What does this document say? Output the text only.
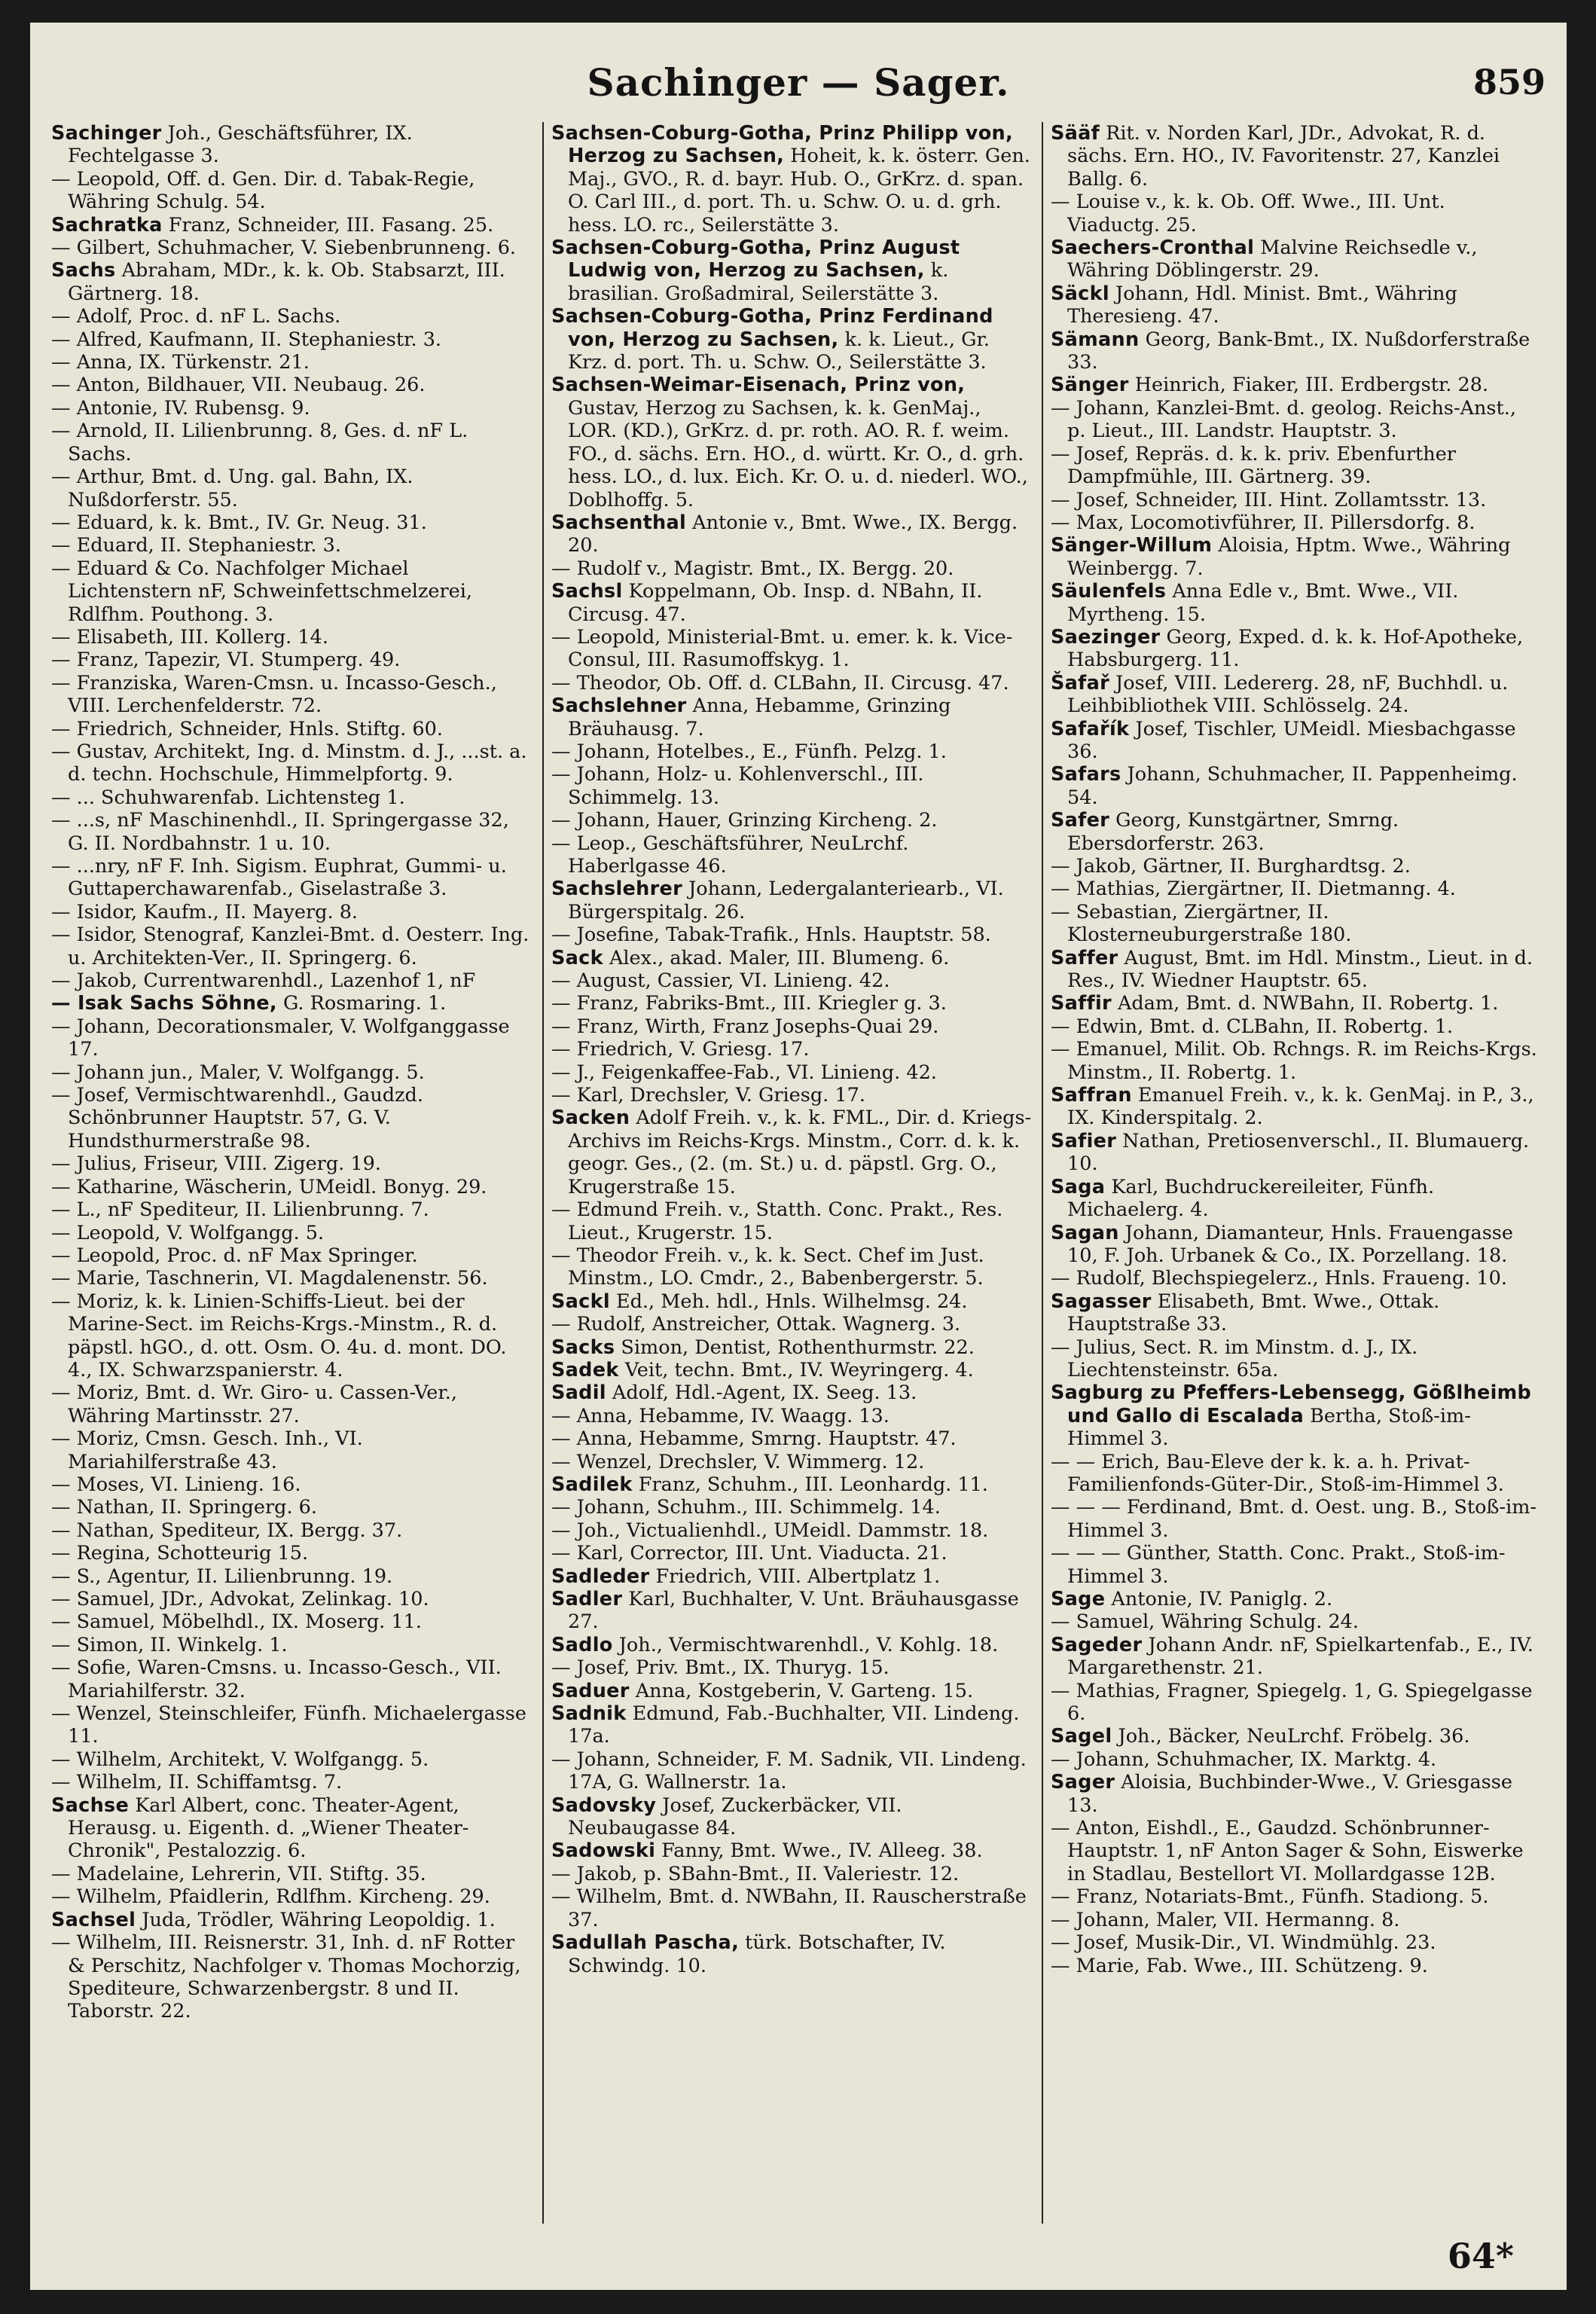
Sachinger — Sager.	859

Sachinger Joh., Geschäftsführer, IX. Fechtelgasse 3.

— Leopold, Off. d. Gen. Dir. d. Tabak-Regie, Währing Schulg. 54.

Sachratka Franz, Schneider, III. Fasang. 25.

— Gilbert, Schuhmacher, V. Siebenbrunneng. 6.

Sachs Abraham, MDr., k. k. Ob. Stabsarzt, III. Gärtnerg. 18.

— Adolf, Proc. d. nF L. Sachs.

— Alfred, Kaufmann, II. Stephaniestr. 3.

— Anna, IX. Türkenstr. 21.

— Anton, Bildhauer, VII. Neubaug. 26.

— Antonie, IV. Rubensg. 9.

— Arnold, II. Lilienbrunng. 8, Ges. d. nF L. Sachs.

— Arthur, Bmt. d. Ung. gal. Bahn, IX. Nußdorferstr. 55.

— Eduard, k. k. Bmt., IV. Gr. Neug. 31.

— Eduard, II. Stephaniestr. 3.

— Eduard & Co. Nachfolger Michael Lichtenstern nF, Schweinfettschmelzerei, Rdlfhm. Pouthong. 3.

— Elisabeth, III. Kollerg. 14.

— Franz, Tapezir, VI. Stumperg. 49.

— Franziska, Waren-Cmsn. u. Incasso-Gesch., VIII. Lerchenfelderstr. 72.

— Friedrich, Schneider, Hnls. Stiftg. 60.

— Gustav, Architekt, Ing. d. Minstm. d. J., ...st. a. d. techn. Hochschule, Himmelpfortg. 9.

— ... Schuhwarenfab. Lichtensteg 1.

— ...s, nF Maschinenhdl., II. Springergasse 32, G. II. Nordbahnstr. 1 u. 10.

— ...nry, nF F. Inh. Sigism. Euphrat, Gummi- u. Guttaperchawarenfab., Giselastraße 3.

— Isidor, Kaufm., II. Mayerg. 8.

— Isidor, Stenograf, Kanzlei-Bmt. d. Oesterr. Ing. u. Architekten-Ver., II. Springerg. 6.

— Jakob, Currentwarenhdl., Lazenhof 1, nF

— Isak Sachs Söhne, G. Rosmaring. 1.

— Johann, Decorationsmaler, V. Wolfganggasse 17.

— Johann jun., Maler, V. Wolfgangg. 5.

— Josef, Vermischtwarenhdl., Gaudzd. Schönbrunner Hauptstr. 57, G. V. Hundsthurmerstraße 98.

— Julius, Friseur, VIII. Zigerg. 19.

— Katharine, Wäscherin, UMeidl. Bonyg. 29.

— L., nF Spediteur, II. Lilienbrunng. 7.

— Leopold, V. Wolfgangg. 5.

— Leopold, Proc. d. nF Max Springer.

— Marie, Taschnerin, VI. Magdalenenstr. 56.

— Moriz, k. k. Linien-Schiffs-Lieut. bei der Marine-Sect. im Reichs-Krgs.-Minstm., R. d. päpstl. hGO., d. ott. Osm. O. 4u. d. mont. DO. 4., IX. Schwarzspanierstr. 4.

— Moriz, Bmt. d. Wr. Giro- u. Cassen-Ver., Währing Martinsstr. 27.

— Moriz, Cmsn. Gesch. Inh., VI. Mariahilferstraße 43.

— Moses, VI. Linieng. 16.

— Nathan, II. Springerg. 6.

— Nathan, Spediteur, IX. Bergg. 37.

— Regina, Schotteurig 15.

— S., Agentur, II. Lilienbrunng. 19.

— Samuel, JDr., Advokat, Zelinkag. 10.

— Samuel, Möbelhdl., IX. Moserg. 11.

— Simon, II. Winkelg. 1.

— Sofie, Waren-Cmsns. u. Incasso-Gesch., VII. Mariahilferstr. 32.

— Wenzel, Steinschleifer, Fünfh. Michaelergasse 11.

— Wilhelm, Architekt, V. Wolfgangg. 5.

— Wilhelm, II. Schiffamtsg. 7.

Sachse Karl Albert, conc. Theater-Agent, Herausg. u. Eigenth. d. „Wiener Theater-Chronik", Pestalozzig. 6.

— Madelaine, Lehrerin, VII. Stiftg. 35.

— Wilhelm, Pfaidlerin, Rdlfhm. Kircheng. 29.

Sachsel Juda, Trödler, Währing Leopoldig. 1.

— Wilhelm, III. Reisnerstr. 31, Inh. d. nF Rotter & Perschitz, Nachfolger v. Thomas Mochorzig, Spediteure, Schwarzenbergstr. 8 und II. Taborstr. 22.

Sachsen-Coburg-Gotha, Prinz Philipp von, Herzog zu Sachsen, Hoheit, k. k. österr. Gen. Maj., GVO., R. d. bayr. Hub. O., GrKrz. d. span. O. Carl III., d. port. Th. u. Schw. O. u. d. grh. hess. LO. rc., Seilerstätte 3.

Sachsen-Coburg-Gotha, Prinz August Ludwig von, Herzog zu Sachsen, k. brasilian. Großadmiral, Seilerstätte 3.

Sachsen-Coburg-Gotha, Prinz Ferdinand von, Herzog zu Sachsen, k. k. Lieut., Gr. Krz. d. port. Th. u. Schw. O., Seilerstätte 3.

Sachsen-Weimar-Eisenach, Prinz von, Gustav, Herzog zu Sachsen, k. k. GenMaj., LOR. (KD.), GrKrz. d. pr. roth. AO. R. f. weim. FO., d. sächs. Ern. HO., d. württ. Kr. O., d. grh. hess. LO., d. lux. Eich. Kr. O. u. d. niederl. WO., Doblhoffg. 5.

Sachsenthal Antonie v., Bmt. Wwe., IX. Bergg. 20.

— Rudolf v., Magistr. Bmt., IX. Bergg. 20.

Sachsl Koppelmann, Ob. Insp. d. NBahn, II. Circusg. 47.

— Leopold, Ministerial-Bmt. u. emer. k. k. Vice-Consul, III. Rasumoffskyg. 1.

— Theodor, Ob. Off. d. CLBahn, II. Circusg. 47.

Sachslehner Anna, Hebamme, Grinzing Bräuhausg. 7.

— Johann, Hotelbes., E., Fünfh. Pelzg. 1.

— Johann, Holz- u. Kohlenverschl., III. Schimmelg. 13.

— Johann, Hauer, Grinzing Kircheng. 2.

— Leop., Geschäftsführer, NeuLrchf. Haberlgasse 46.

Sachslehrer Johann, Ledergalanteriearb., VI. Bürgerspitalg. 26.

— Josefine, Tabak-Trafik., Hnls. Hauptstr. 58.

Sack Alex., akad. Maler, III. Blumeng. 6.

— August, Cassier, VI. Linieng. 42.

— Franz, Fabriks-Bmt., III. Kriegler g. 3.

— Franz, Wirth, Franz Josephs-Quai 29.

— Friedrich, V. Griesg. 17.

— J., Feigenkaffee-Fab., VI. Linieng. 42.

— Karl, Drechsler, V. Griesg. 17.

Sacken Adolf Freih. v., k. k. FML., Dir. d. Kriegs-Archivs im Reichs-Krgs. Minstm., Corr. d. k. k. geogr. Ges., (2. (m. St.) u. d. päpstl. Grg. O., Krugerstraße 15.

— Edmund Freih. v., Statth. Conc. Prakt., Res. Lieut., Krugerstr. 15.

— Theodor Freih. v., k. k. Sect. Chef im Just. Minstm., LO. Cmdr., 2., Babenbergerstr. 5.

Sackl Ed., Meh. hdl., Hnls. Wilhelmsg. 24.

— Rudolf, Anstreicher, Ottak. Wagnerg. 3.

Sacks Simon, Dentist, Rothenthurmstr. 22.

Sadek Veit, techn. Bmt., IV. Weyringerg. 4.

Sadil Adolf, Hdl.-Agent, IX. Seeg. 13.

— Anna, Hebamme, IV. Waagg. 13.

— Anna, Hebamme, Smrng. Hauptstr. 47.

— Wenzel, Drechsler, V. Wimmerg. 12.

Sadilek Franz, Schuhm., III. Leonhardg. 11.

— Johann, Schuhm., III. Schimmelg. 14.

— Joh., Victualienhdl., UMeidl. Dammstr. 18.

— Karl, Corrector, III. Unt. Viaducta. 21.

Sadleder Friedrich, VIII. Albertplatz 1.

Sadler Karl, Buchhalter, V. Unt. Bräuhausgasse 27.

Sadlo Joh., Vermischtwarenhdl., V. Kohlg. 18.

— Josef, Priv. Bmt., IX. Thuryg. 15.

Saduer Anna, Kostgeberin, V. Garteng. 15.

Sadnik Edmund, Fab.-Buchhalter, VII. Lindeng. 17a.

— Johann, Schneider, F. M. Sadnik, VII. Lindeng. 17A, G. Wallnerstr. 1a.

Sadovsky Josef, Zuckerbäcker, VII. Neubaugasse 84.

Sadowski Fanny, Bmt. Wwe., IV. Alleeg. 38.

— Jakob, p. SBahn-Bmt., II. Valeriestr. 12.

— Wilhelm, Bmt. d. NWBahn, II. Rauscherstraße 37.

Sadullah Pascha, türk. Botschafter, IV. Schwindg. 10.

Sääf Rit. v. Norden Karl, JDr., Advokat, R. d. sächs. Ern. HO., IV. Favoritenstr. 27, Kanzlei Ballg. 6.

— Louise v., k. k. Ob. Off. Wwe., III. Unt. Viaductg. 25.

Saechers-Cronthal Malvine Reichsedle v., Währing Döblingerstr. 29.

Säckl Johann, Hdl. Minist. Bmt., Währing Theresieng. 47.

Sämann Georg, Bank-Bmt., IX. Nußdorferstraße 33.

Sänger Heinrich, Fiaker, III. Erdbergstr. 28.

— Johann, Kanzlei-Bmt. d. geolog. Reichs-Anst., p. Lieut., III. Landstr. Hauptstr. 3.

— Josef, Repräs. d. k. k. priv. Ebenfurther Dampfmühle, III. Gärtnerg. 39.

— Josef, Schneider, III. Hint. Zollamtsstr. 13.

— Max, Locomotivführer, II. Pillersdorfg. 8.

Sänger-Willum Aloisia, Hptm. Wwe., Währing Weinbergg. 7.

Säulenfels Anna Edle v., Bmt. Wwe., VII. Myrtheng. 15.

Saezinger Georg, Exped. d. k. k. Hof-Apotheke, Habsburgerg. 11.

Šafař Josef, VIII. Ledererg. 28, nF, Buchhdl. u. Leihbibliothek VIII. Schlösselg. 24.

Safařík Josef, Tischler, UMeidl. Miesbachgasse 36.

Safars Johann, Schuhmacher, II. Pappenheimg. 54.

Safer Georg, Kunstgärtner, Smrng. Ebersdorferstr. 263.

— Jakob, Gärtner, II. Burghardtsg. 2.

— Mathias, Ziergärtner, II. Dietmanng. 4.

— Sebastian, Ziergärtner, II. Klosterneuburgerstraße 180.

Saffer August, Bmt. im Hdl. Minstm., Lieut. in d. Res., IV. Wiedner Hauptstr. 65.

Saffir Adam, Bmt. d. NWBahn, II. Robertg. 1.

— Edwin, Bmt. d. CLBahn, II. Robertg. 1.

— Emanuel, Milit. Ob. Rchngs. R. im Reichs-Krgs. Minstm., II. Robertg. 1.

Saffran Emanuel Freih. v., k. k. GenMaj. in P., 3., IX. Kinderspitalg. 2.

Safier Nathan, Pretiosenverschl., II. Blumauerg. 10.

Saga Karl, Buchdruckereileiter, Fünfh. Michaelerg. 4.

Sagan Johann, Diamanteur, Hnls. Frauengasse 10, F. Joh. Urbanek & Co., IX. Porzellang. 18.

— Rudolf, Blechspiegelerz., Hnls. Fraueng. 10.

Sagasser Elisabeth, Bmt. Wwe., Ottak. Hauptstraße 33.

— Julius, Sect. R. im Minstm. d. J., IX. Liechtensteinstr. 65a.

Sagburg zu Pfeffers-Lebensegg, Gößlheimb und Gallo di Escalada Bertha, Stoß-im-Himmel 3.

— — Erich, Bau-Eleve der k. k. a. h. Privat-Familienfonds-Güter-Dir., Stoß-im-Himmel 3.

— — — Ferdinand, Bmt. d. Oest. ung. B., Stoß-im-Himmel 3.

— — — Günther, Statth. Conc. Prakt., Stoß-im-Himmel 3.

Sage Antonie, IV. Paniglg. 2.

— Samuel, Währing Schulg. 24.

Sageder Johann Andr. nF, Spielkartenfab., E., IV. Margarethenstr. 21.

— Mathias, Fragner, Spiegelg. 1, G. Spiegelgasse 6.

Sagel Joh., Bäcker, NeuLrchf. Fröbelg. 36.

— Johann, Schuhmacher, IX. Marktg. 4.

Sager Aloisia, Buchbinder-Wwe., V. Griesgasse 13.

— Anton, Eishdl., E., Gaudzd. Schönbrunner-Hauptstr. 1, nF Anton Sager & Sohn, Eiswerke in Stadlau, Bestellort VI. Mollardgasse 12B.

— Franz, Notariats-Bmt., Fünfh. Stadiong. 5.

— Johann, Maler, VII. Hermanng. 8.

— Josef, Musik-Dir., VI. Windmühlg. 23.

— Marie, Fab. Wwe., III. Schützeng. 9.

64*
